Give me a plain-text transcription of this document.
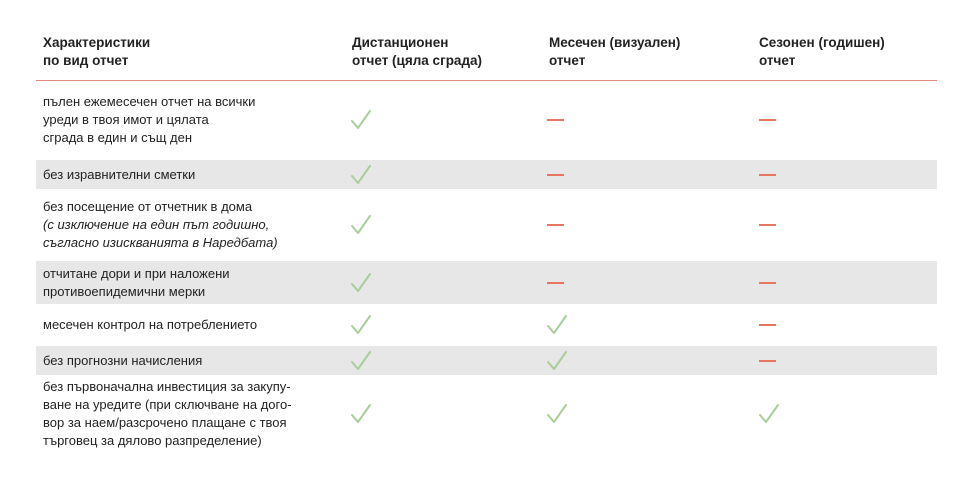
Характеристики
по вид отчет
Дистанционен
отчет (цяла сграда)
Месечен (визуален)
отчет
Сезонен (годишен)
отчет
пълен ежемесечен отчет на всички
уреди в твоя имот и цялата
сграда в един и същ ден
без изравнителни сметки
без посещение от отчетник в дома
(с изключение на един път годишно,
съгласно изискванията в Наредбата)
отчитане дори и при наложени
противоепидемични мерки
месечен контрол на потреблението
без прогнозни начисления
без първоначална инвестиция за закупу-
ване на уредите (при сключване на дого-
вор за наем/разсрочено плащане с твоя
търговец за дялово разпределение)
